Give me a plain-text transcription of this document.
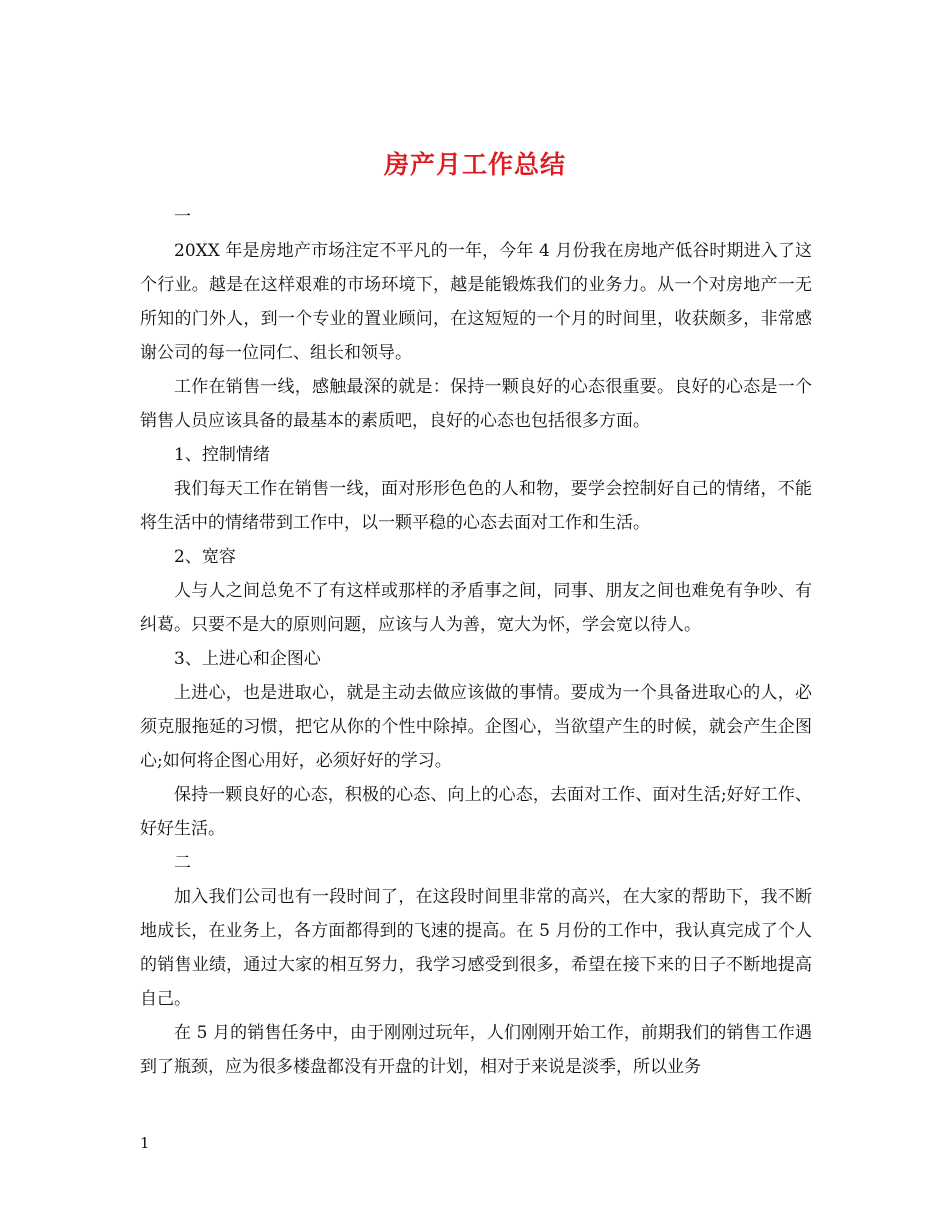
房产月工作总结

一

20XX 年是房地产市场注定不平凡的一年，今年 4 月份我在房地产低谷时期进入了这个行业。越是在这样艰难的市场环境下，越是能锻炼我们的业务力。从一个对房地产一无所知的门外人，到一个专业的置业顾问，在这短短的一个月的时间里，收获颇多，非常感谢公司的每一位同仁、组长和领导。

工作在销售一线，感触最深的就是：保持一颗良好的心态很重要。良好的心态是一个销售人员应该具备的最基本的素质吧，良好的心态也包括很多方面。

1、控制情绪

我们每天工作在销售一线，面对形形色色的人和物，要学会控制好自己的情绪，不能将生活中的情绪带到工作中，以一颗平稳的心态去面对工作和生活。

2、宽容

人与人之间总免不了有这样或那样的矛盾事之间，同事、朋友之间也难免有争吵、有纠葛。只要不是大的原则问题，应该与人为善，宽大为怀，学会宽以待人。

3、上进心和企图心

上进心，也是进取心，就是主动去做应该做的事情。要成为一个具备进取心的人，必须克服拖延的习惯，把它从你的个性中除掉。企图心，当欲望产生的时候，就会产生企图心;如何将企图心用好，必须好好的学习。

保持一颗良好的心态，积极的心态、向上的心态，去面对工作、面对生活;好好工作、好好生活。

二

加入我们公司也有一段时间了，在这段时间里非常的高兴，在大家的帮助下，我不断地成长，在业务上，各方面都得到的飞速的提高。在 5 月份的工作中，我认真完成了个人的销售业绩，通过大家的相互努力，我学习感受到很多，希望在接下来的日子不断地提高自己。

在 5 月的销售任务中，由于刚刚过玩年，人们刚刚开始工作，前期我们的销售工作遇到了瓶颈，应为很多楼盘都没有开盘的计划，相对于来说是淡季，所以业务

1
